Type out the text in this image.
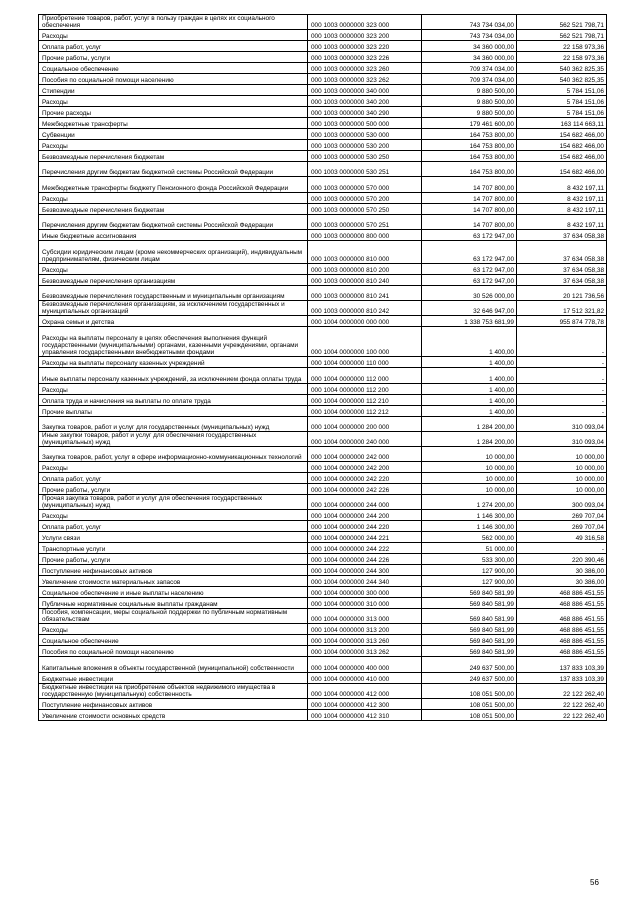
Приобретение товаров, работ, услуг в пользу граждан в целях их социального обеспечения	000 1003 0000000 323 000	743 734 034,00	562 521 798,71
Расходы	000 1003 0000000 323 200	743 734 034,00	562 521 798,71
Оплата работ, услуг	000 1003 0000000 323 220	34 360 000,00	22 158 973,36
Прочие работы, услуги	000 1003 0000000 323 226	34 360 000,00	22 158 973,36
Социальное обеспечение	000 1003 0000000 323 260	709 374 034,00	540 362 825,35
Пособия по социальной помощи населению	000 1003 0000000 323 262	709 374 034,00	540 362 825,35
Стипендии	000 1003 0000000 340 000	9 880 500,00	5 784 151,06
Расходы	000 1003 0000000 340 200	9 880 500,00	5 784 151,06
Прочие расходы	000 1003 0000000 340 290	9 880 500,00	5 784 151,06
Межбюджетные трансферты	000 1003 0000000 500 000	179 461 600,00	163 114 663,11
Субвенции	000 1003 0000000 530 000	164 753 800,00	154 682 466,00
Расходы	000 1003 0000000 530 200	164 753 800,00	154 682 466,00
Безвозмездные перечисления бюджетам	000 1003 0000000 530 250	164 753 800,00	154 682 466,00
Перечисления другим бюджетам бюджетной системы Российской Федерации	000 1003 0000000 530 251	164 753 800,00	154 682 466,00
Межбюджетные трансферты бюджету Пенсионного фонда Российской Федерации	000 1003 0000000 570 000	14 707 800,00	8 432 197,11
Расходы	000 1003 0000000 570 200	14 707 800,00	8 432 197,11
Безвозмездные перечисления бюджетам	000 1003 0000000 570 250	14 707 800,00	8 432 197,11
Перечисления другим бюджетам бюджетной системы Российской Федерации	000 1003 0000000 570 251	14 707 800,00	8 432 197,11
Иные бюджетные ассигнования	000 1003 0000000 800 000	63 172 947,00	37 634 058,38
Субсидии юридическим лицам (кроме некоммерческих организаций), индивидуальным предпринимателям, физическим лицам	000 1003 0000000 810 000	63 172 947,00	37 634 058,38
Расходы	000 1003 0000000 810 200	63 172 947,00	37 634 058,38
Безвозмездные перечисления организациям	000 1003 0000000 810 240	63 172 947,00	37 634 058,38
Безвозмездные перечисления государственным и муниципальным организациям	000 1003 0000000 810 241	30 526 000,00	20 121 736,56
Безвозмездные перечисления организациям, за исключением государственных и муниципальных организаций	000 1003 0000000 810 242	32 646 947,00	17 512 321,82
Охрана семьи и детства	000 1004 0000000 000 000	1 338 753 681,99	955 874 778,78
Расходы на выплаты персоналу в целях обеспечения выполнения функций государственными (муниципальными) органами, казенными учреждениями, органами управления государственными внебюджетными фондами	000 1004 0000000 100 000	1 400,00	-
Расходы на выплаты персоналу казенных учреждений	000 1004 0000000 110 000	1 400,00	-
Иные выплаты персоналу казенных учреждений, за исключением фонда оплаты труда	000 1004 0000000 112 000	1 400,00	-
Расходы	000 1004 0000000 112 200	1 400,00	-
Оплата труда и начисления на выплаты по оплате труда	000 1004 0000000 112 210	1 400,00	-
Прочие выплаты	000 1004 0000000 112 212	1 400,00	-
Закупка товаров, работ и услуг для государственных (муниципальных) нужд	000 1004 0000000 200 000	1 284 200,00	310 093,04
Иные закупки товаров, работ и услуг для обеспечения государственных (муниципальных) нужд	000 1004 0000000 240 000	1 284 200,00	310 093,04
Закупка товаров, работ, услуг в сфере информационно-коммуникационных технологий	000 1004 0000000 242 000	10 000,00	10 000,00
Расходы	000 1004 0000000 242 200	10 000,00	10 000,00
Оплата работ, услуг	000 1004 0000000 242 220	10 000,00	10 000,00
Прочие работы, услуги	000 1004 0000000 242 226	10 000,00	10 000,00
Прочая закупка товаров, работ и услуг для обеспечения государственных (муниципальных) нужд	000 1004 0000000 244 000	1 274 200,00	300 093,04
Расходы	000 1004 0000000 244 200	1 146 300,00	269 707,04
Оплата работ, услуг	000 1004 0000000 244 220	1 146 300,00	269 707,04
Услуги связи	000 1004 0000000 244 221	562 000,00	49 316,58
Транспортные услуги	000 1004 0000000 244 222	51 000,00	-
Прочие работы, услуги	000 1004 0000000 244 226	533 300,00	220 390,46
Поступление нефинансовых активов	000 1004 0000000 244 300	127 900,00	30 386,00
Увеличение стоимости материальных запасов	000 1004 0000000 244 340	127 900,00	30 386,00
Социальное обеспечение и иные выплаты населению	000 1004 0000000 300 000	569 840 581,99	468 886 451,55
Публичные нормативные социальные выплаты гражданам	000 1004 0000000 310 000	569 840 581,99	468 886 451,55
Пособия, компенсации, меры социальной поддержки по публичным нормативным обязательствам	000 1004 0000000 313 000	569 840 581,99	468 886 451,55
Расходы	000 1004 0000000 313 200	569 840 581,99	468 886 451,55
Социальное обеспечение	000 1004 0000000 313 260	569 840 581,99	468 886 451,55
Пособия по социальной помощи населению	000 1004 0000000 313 262	569 840 581,99	468 886 451,55
Капитальные вложения в объекты государственной (муниципальной) собственности	000 1004 0000000 400 000	249 637 500,00	137 833 103,39
Бюджетные инвестиции	000 1004 0000000 410 000	249 637 500,00	137 833 103,39
Бюджетные инвестиции на приобретение объектов недвижимого имущества в государственную (муниципальную) собственность	000 1004 0000000 412 000	108 051 500,00	22 122 262,40
Поступление нефинансовых активов	000 1004 0000000 412 300	108 051 500,00	22 122 262,40
Увеличение стоимости основных средств	000 1004 0000000 412 310	108 051 500,00	22 122 262,40
56
